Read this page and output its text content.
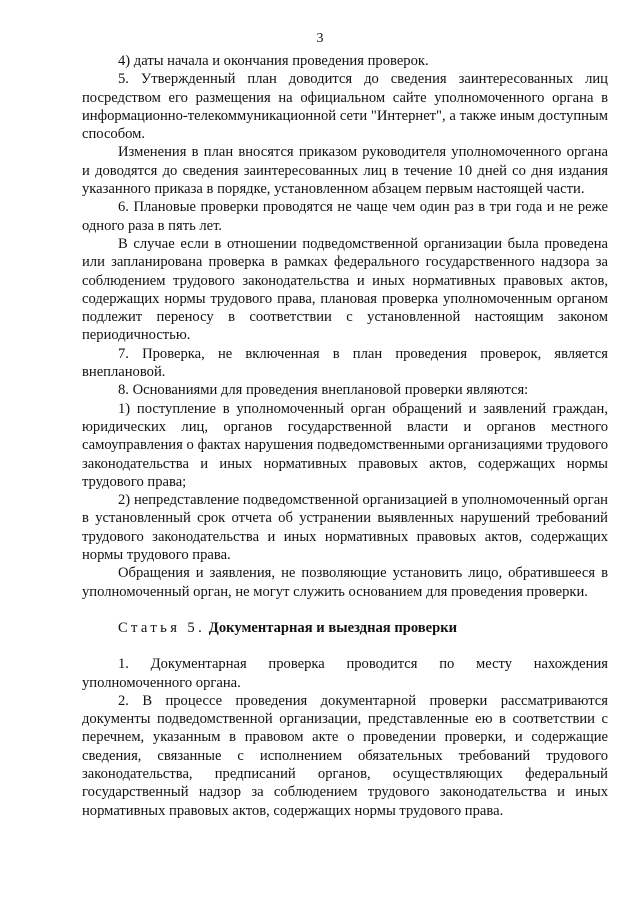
3

4) даты начала и окончания проведения проверок.

5. Утвержденный план доводится до сведения заинтересованных лиц посредством его размещения на официальном сайте уполномоченного органа в информационно-телекоммуникационной сети "Интернет", а также иным доступным способом.

Изменения в план вносятся приказом руководителя уполномоченного органа и доводятся до сведения заинтересованных лиц в течение 10 дней со дня издания указанного приказа в порядке, установленном абзацем первым настоящей части.

6. Плановые проверки проводятся не чаще чем один раз в три года и не реже одного раза в пять лет.

В случае если в отношении подведомственной организации была проведена или запланирована проверка в рамках федерального государственного надзора за соблюдением трудового законодательства и иных нормативных правовых актов, содержащих нормы трудового права, плановая проверка уполномоченным органом подлежит переносу в соответствии с установленной настоящим законом периодичностью.

7. Проверка, не включенная в план проведения проверок, является внеплановой.

8. Основаниями для проведения внеплановой проверки являются:

1) поступление в уполномоченный орган обращений и заявлений граждан, юридических лиц, органов государственной власти и органов местного самоуправления о фактах нарушения подведомственными организациями трудового законодательства и иных нормативных правовых актов, содержащих нормы трудового права;

2) непредставление подведомственной организацией в уполномоченный орган в установленный срок отчета об устранении выявленных нарушений требований трудового законодательства и иных нормативных правовых актов, содержащих нормы трудового права.

Обращения и заявления, не позволяющие установить лицо, обратившееся в уполномоченный орган, не могут служить основанием для проведения проверки.

Статья 5. Документарная и выездная проверки

1. Документарная проверка проводится по месту нахождения уполномоченного органа.

2. В процессе проведения документарной проверки рассматриваются документы подведомственной организации, представленные ею в соответствии с перечнем, указанным в правовом акте о проведении проверки, и содержащие сведения, связанные с исполнением обязательных требований трудового законодательства, предписаний органов, осуществляющих федеральный государственный надзор за соблюдением трудового законодательства и иных нормативных правовых актов, содержащих нормы трудового права.
